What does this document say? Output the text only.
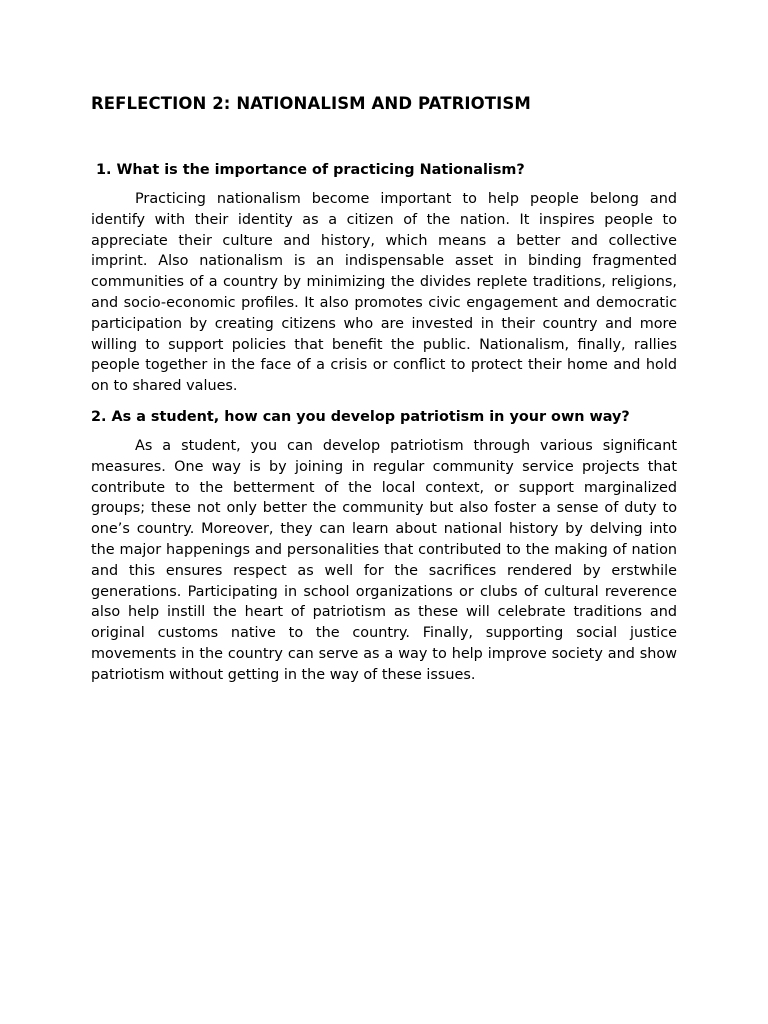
REFLECTION 2: NATIONALISM AND PATRIOTISM
1. What is the importance of practicing Nationalism?

Practicing nationalism become important to help people belong and identify with their identity as a citizen of the nation. It inspires people to appreciate their culture and history, which means a better and collective imprint. Also nationalism is an indispensable asset in binding fragmented communities of a country by minimizing the divides replete traditions, religions, and socio-economic profiles. It also promotes civic engagement and democratic participation by creating citizens who are invested in their country and more willing to support policies that benefit the public. Nationalism, finally, rallies people together in the face of a crisis or conflict to protect their home and hold on to shared values.

2. As a student, how can you develop patriotism in your own way?

As a student, you can develop patriotism through various significant measures. One way is by joining in regular community service projects that contribute to the betterment of the local context, or support marginalized groups; these not only better the community but also foster a sense of duty to one’s country. Moreover, they can learn about national history by delving into the major happenings and personalities that contributed to the making of nation and this ensures respect as well for the sacrifices rendered by erstwhile generations. Participating in school organizations or clubs of cultural reverence also help instill the heart of patriotism as these will celebrate traditions and original customs native to the country. Finally, supporting social justice movements in the country can serve as a way to help improve society and show patriotism without getting in the way of these issues.
